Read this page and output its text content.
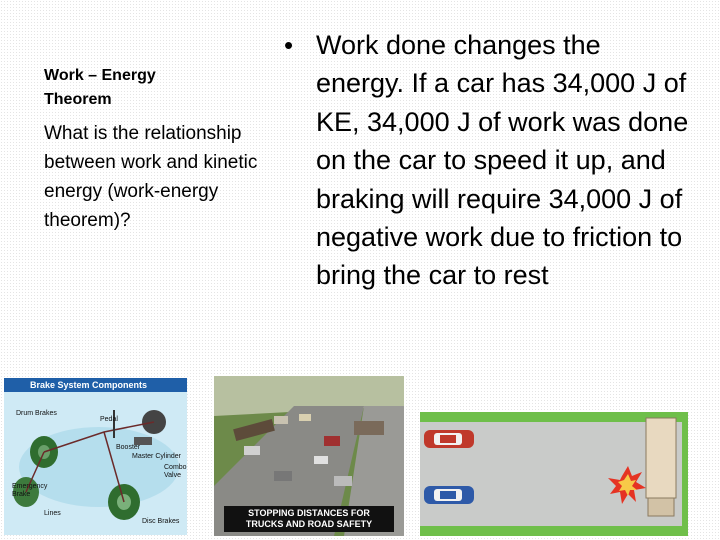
Work – Energy
Theorem

What is the relationship between work and kinetic energy (work-energy theorem)?

• Work done changes the energy. If a car has 34,000 J of KE, 34,000 J of work was done on the car to speed it up, and braking will require 34,000 J of negative work due to friction to bring the car to rest

Brake System Components
Drum Brakes
Pedal
Booster
Master Cylinder
Combo Valve
Emergency Brake
Lines
Disc Brakes
STOPPING DISTANCES FOR
TRUCKS AND ROAD SAFETY
